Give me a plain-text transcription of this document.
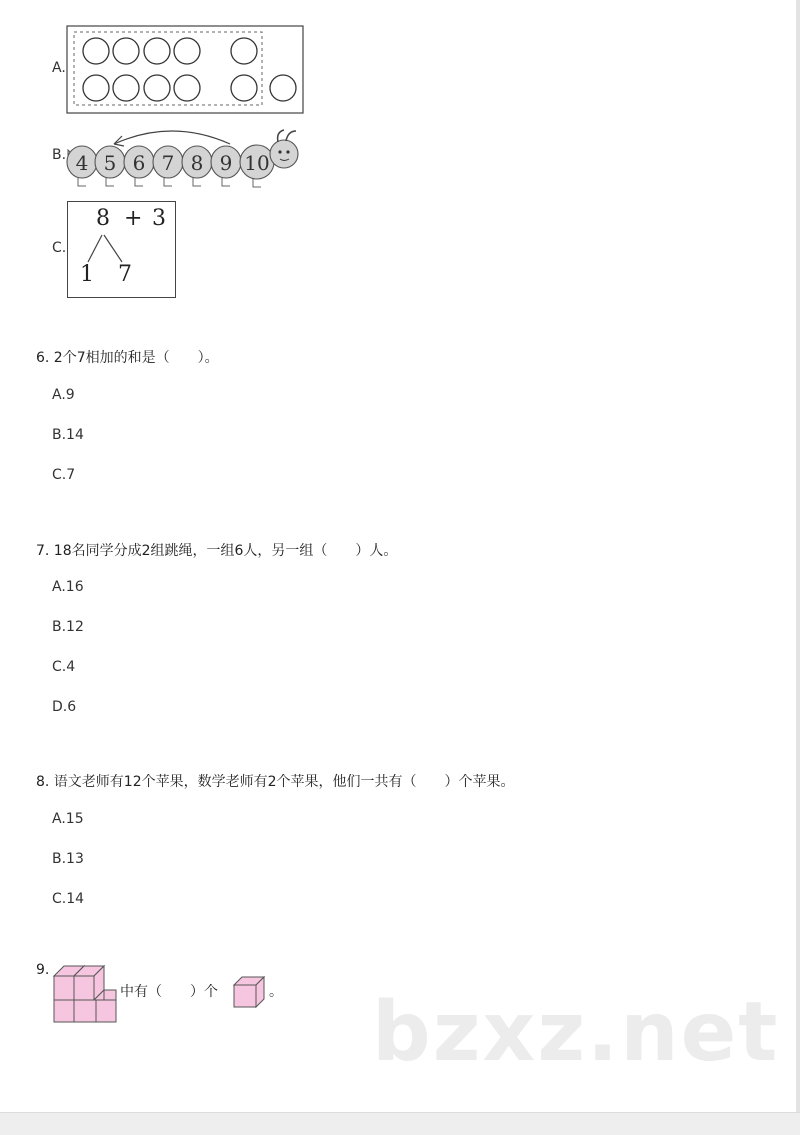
A.
B. 4 5 6 7 8 9 10
C.
8 + 3
1 7
6. 2个7相加的和是（　　）。
A.9
B.14
C.7
7. 18名同学分成2组跳绳，一组6人，另一组（　　）人。
A.16
B.12
C.4
D.6
8. 语文老师有12个苹果，数学老师有2个苹果，他们一共有（　　）个苹果。
A.15
B.13
C.14
9.
中有（　　）个	。 bzxz.net
